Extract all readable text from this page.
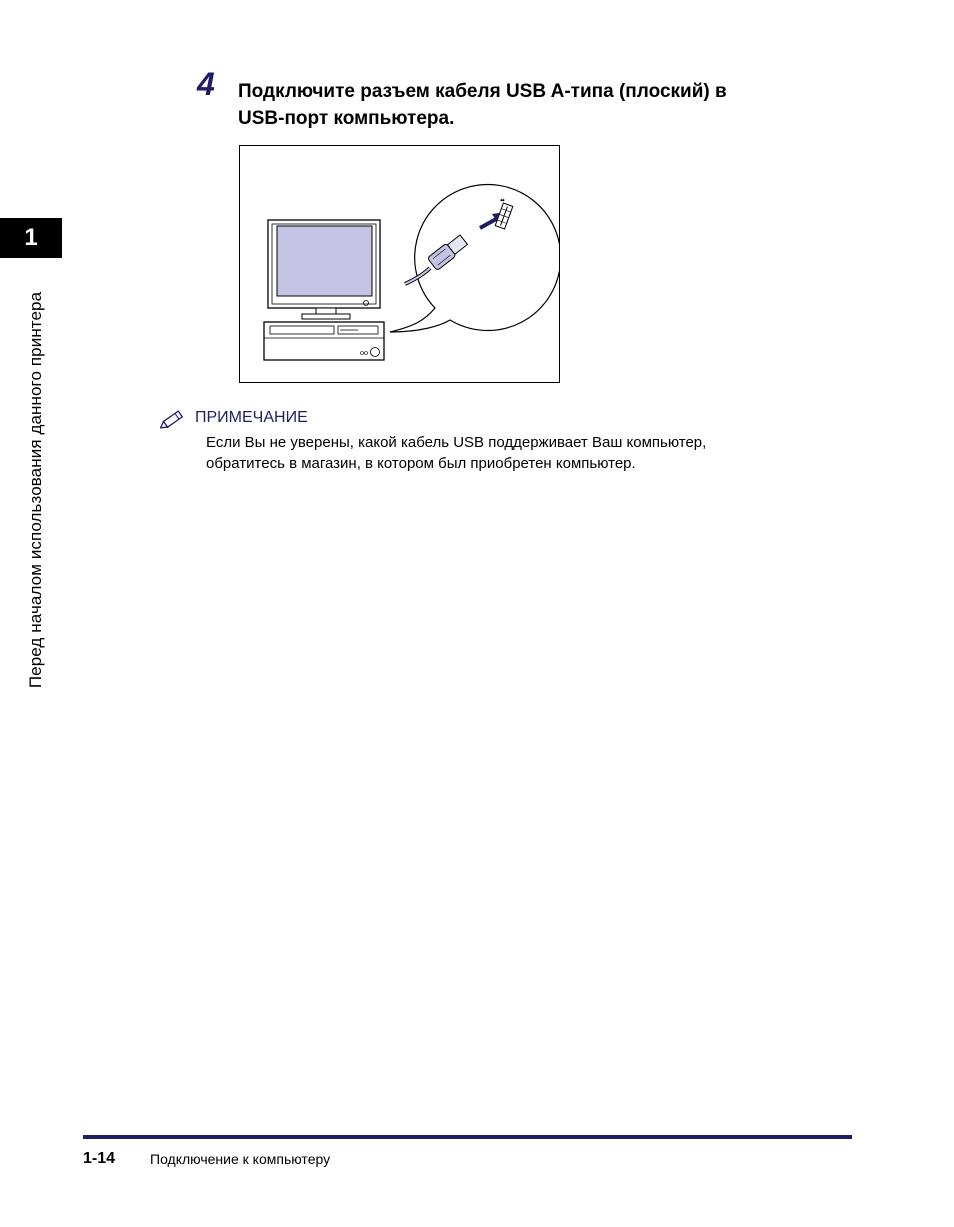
1
Перед началом использования данного принтера
4 Подключите разъем кабеля USB A-типа (плоский) в
USB-порт компьютера.
⬌
ПРИМЕЧАНИЕ
Если Вы не уверены, какой кабель USB поддерживает Ваш компьютер,
обратитесь в магазин, в котором был приобретен компьютер.
1-14 Подключение к компьютеру
